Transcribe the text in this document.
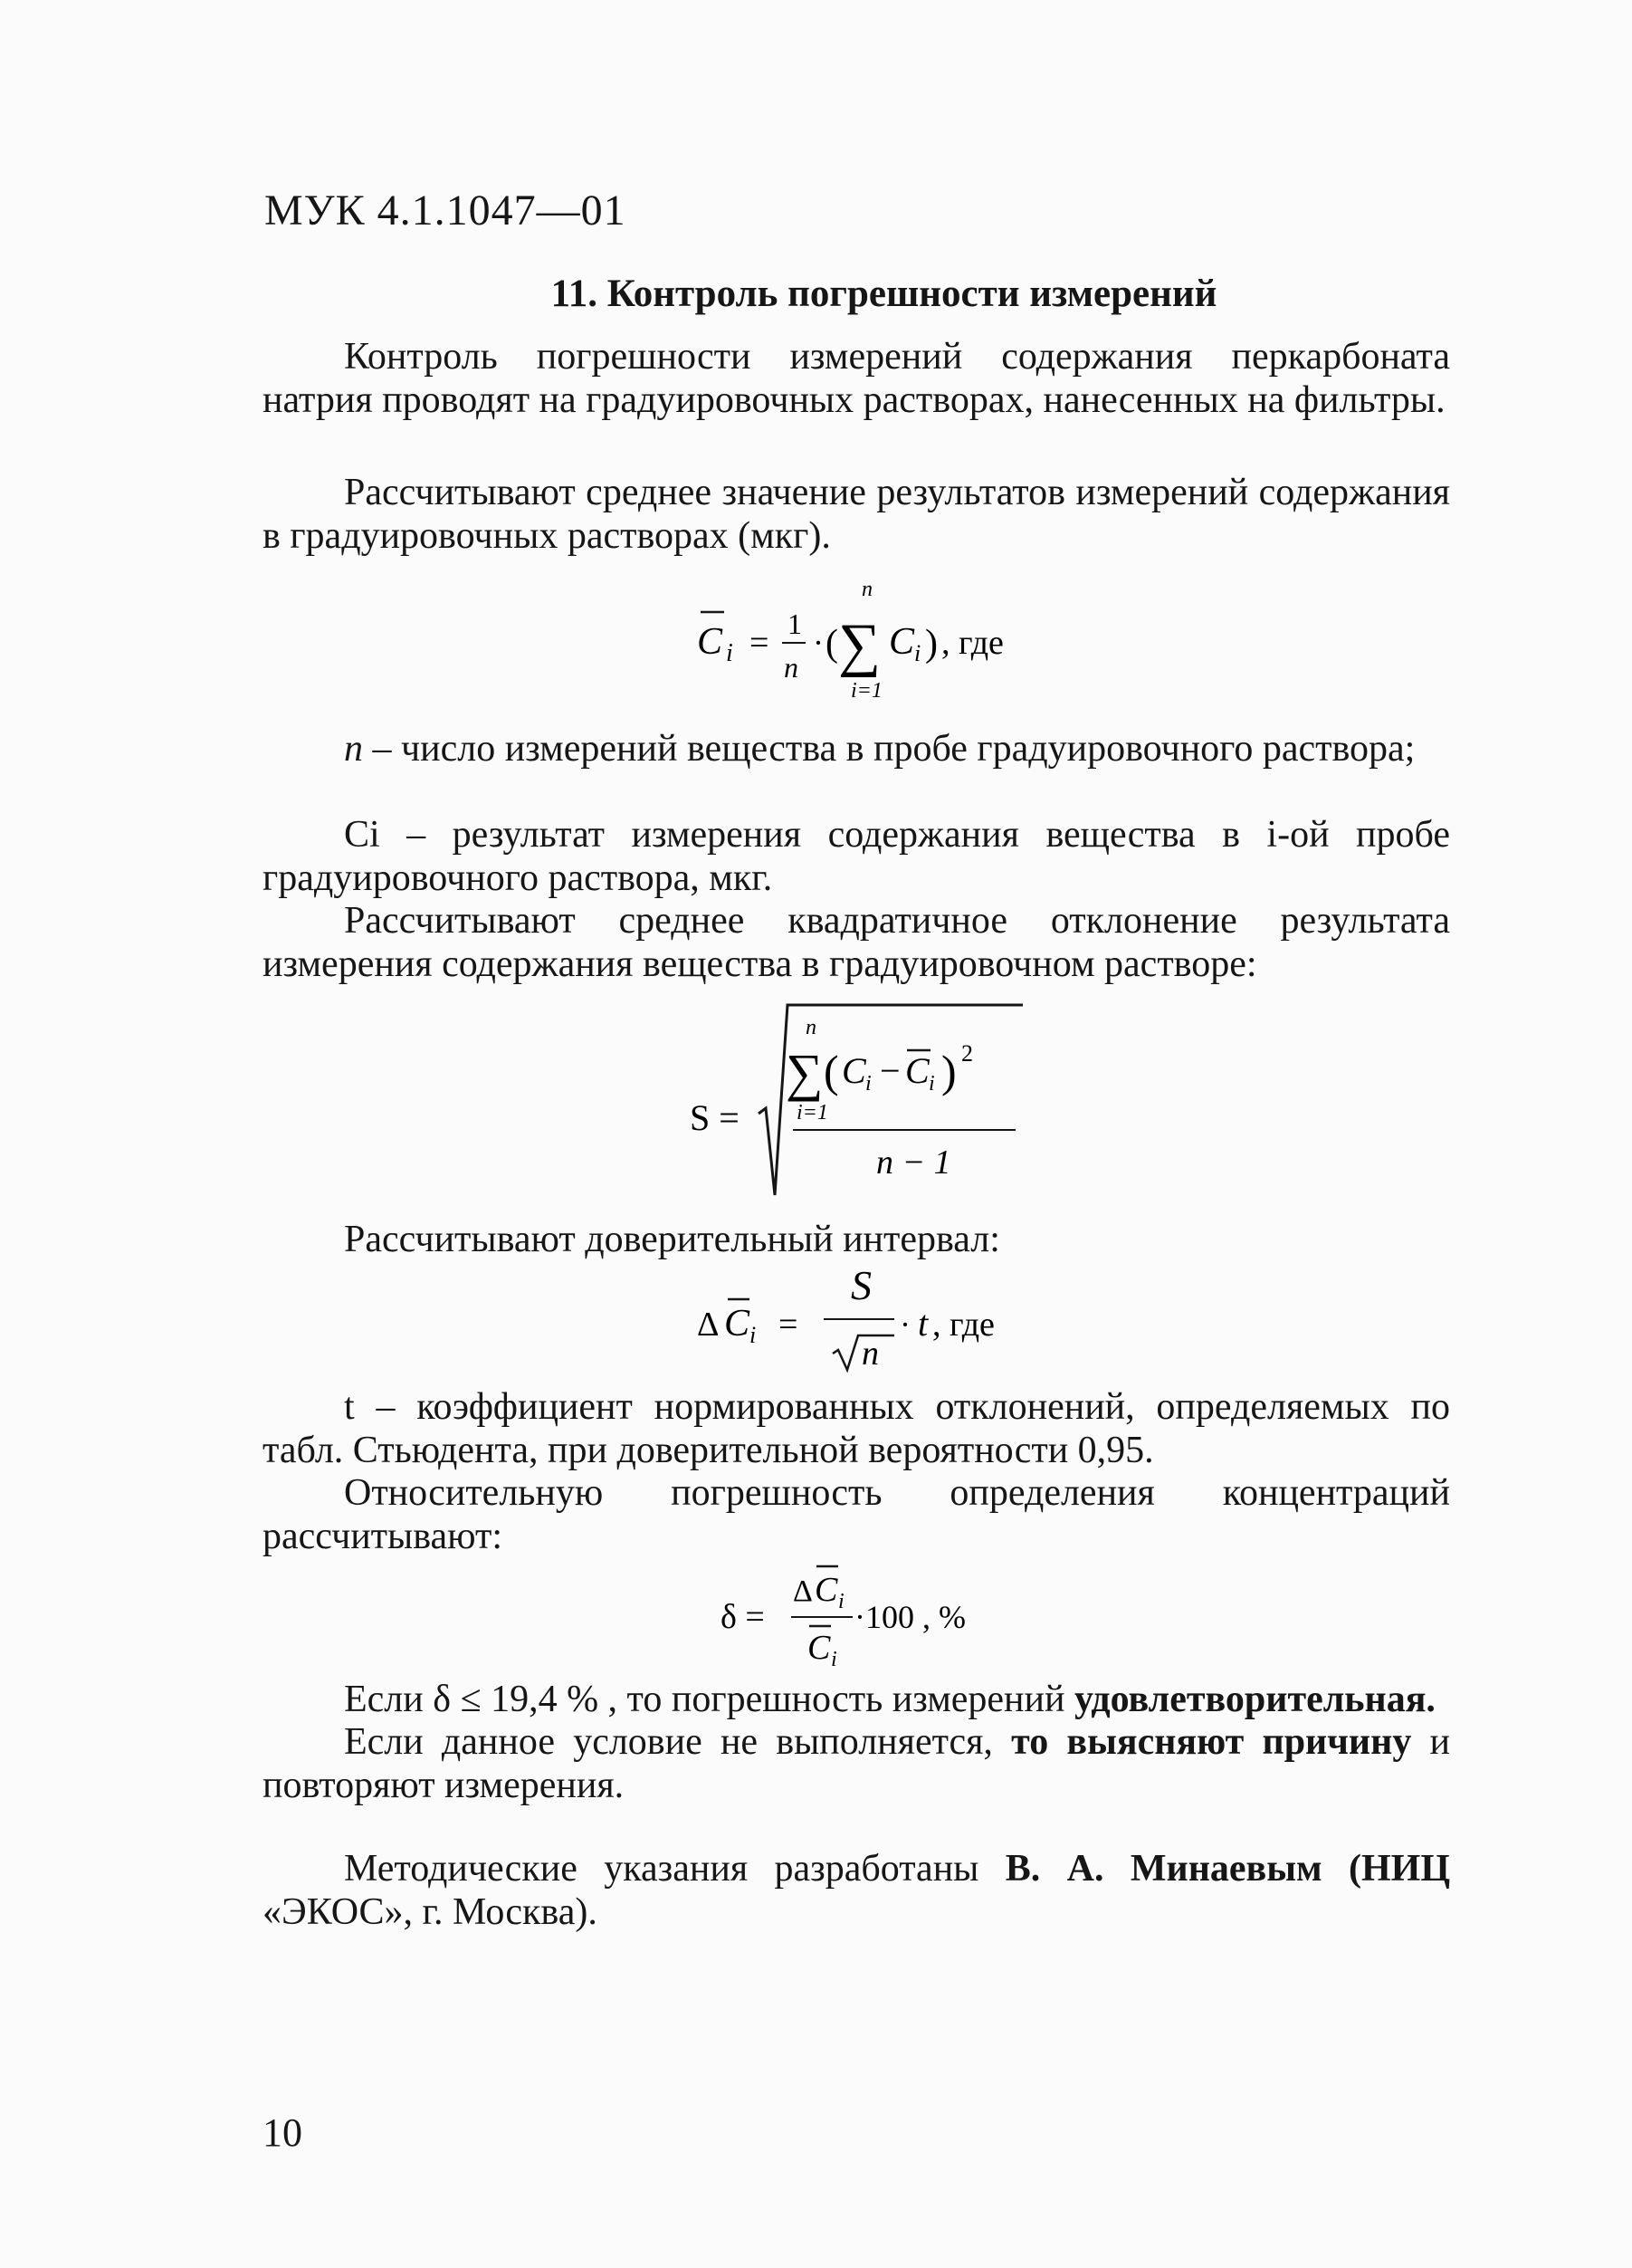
МУК 4.1.1047—01
11. Контроль погрешности измерений

Контроль погрешности измерений содержания перкарбоната натрия проводят на градуировочных растворах, нанесенных на фильтры.

Рассчитывают среднее значение результатов измерений содержания в градуировочных растворах (мкг).

C i = 1
n
· (
n
∑
i=1
C i ) , где

n – число измерений вещества в пробе градуировочного раствора;

Ci – результат измерения содержания вещества в i-ой пробе градуировочного раствора, мкг.

Рассчитывают среднее квадратичное отклонение результата измерения содержания вещества в градуировочном растворе:

S =
n
∑
i=1
( C i − C i ) 2
n − 1

Рассчитывают доверительный интервал:

Δ C i =
S
n
· t , где

t – коэффициент нормированных отклонений, определяемых по табл. Стьюдента, при доверительной вероятности 0,95.

Относительную погрешность определения концентраций рассчитывают:

δ =
Δ C i
C i
·100 , %

Если δ ≤ 19,4 % , то погрешность измерений удовлетворительная.

Если данное условие не выполняется, то выясняют причину и повторяют измерения.

Методические указания разработаны В. А. Минаевым (НИЦ «ЭКОС», г. Москва).

10
